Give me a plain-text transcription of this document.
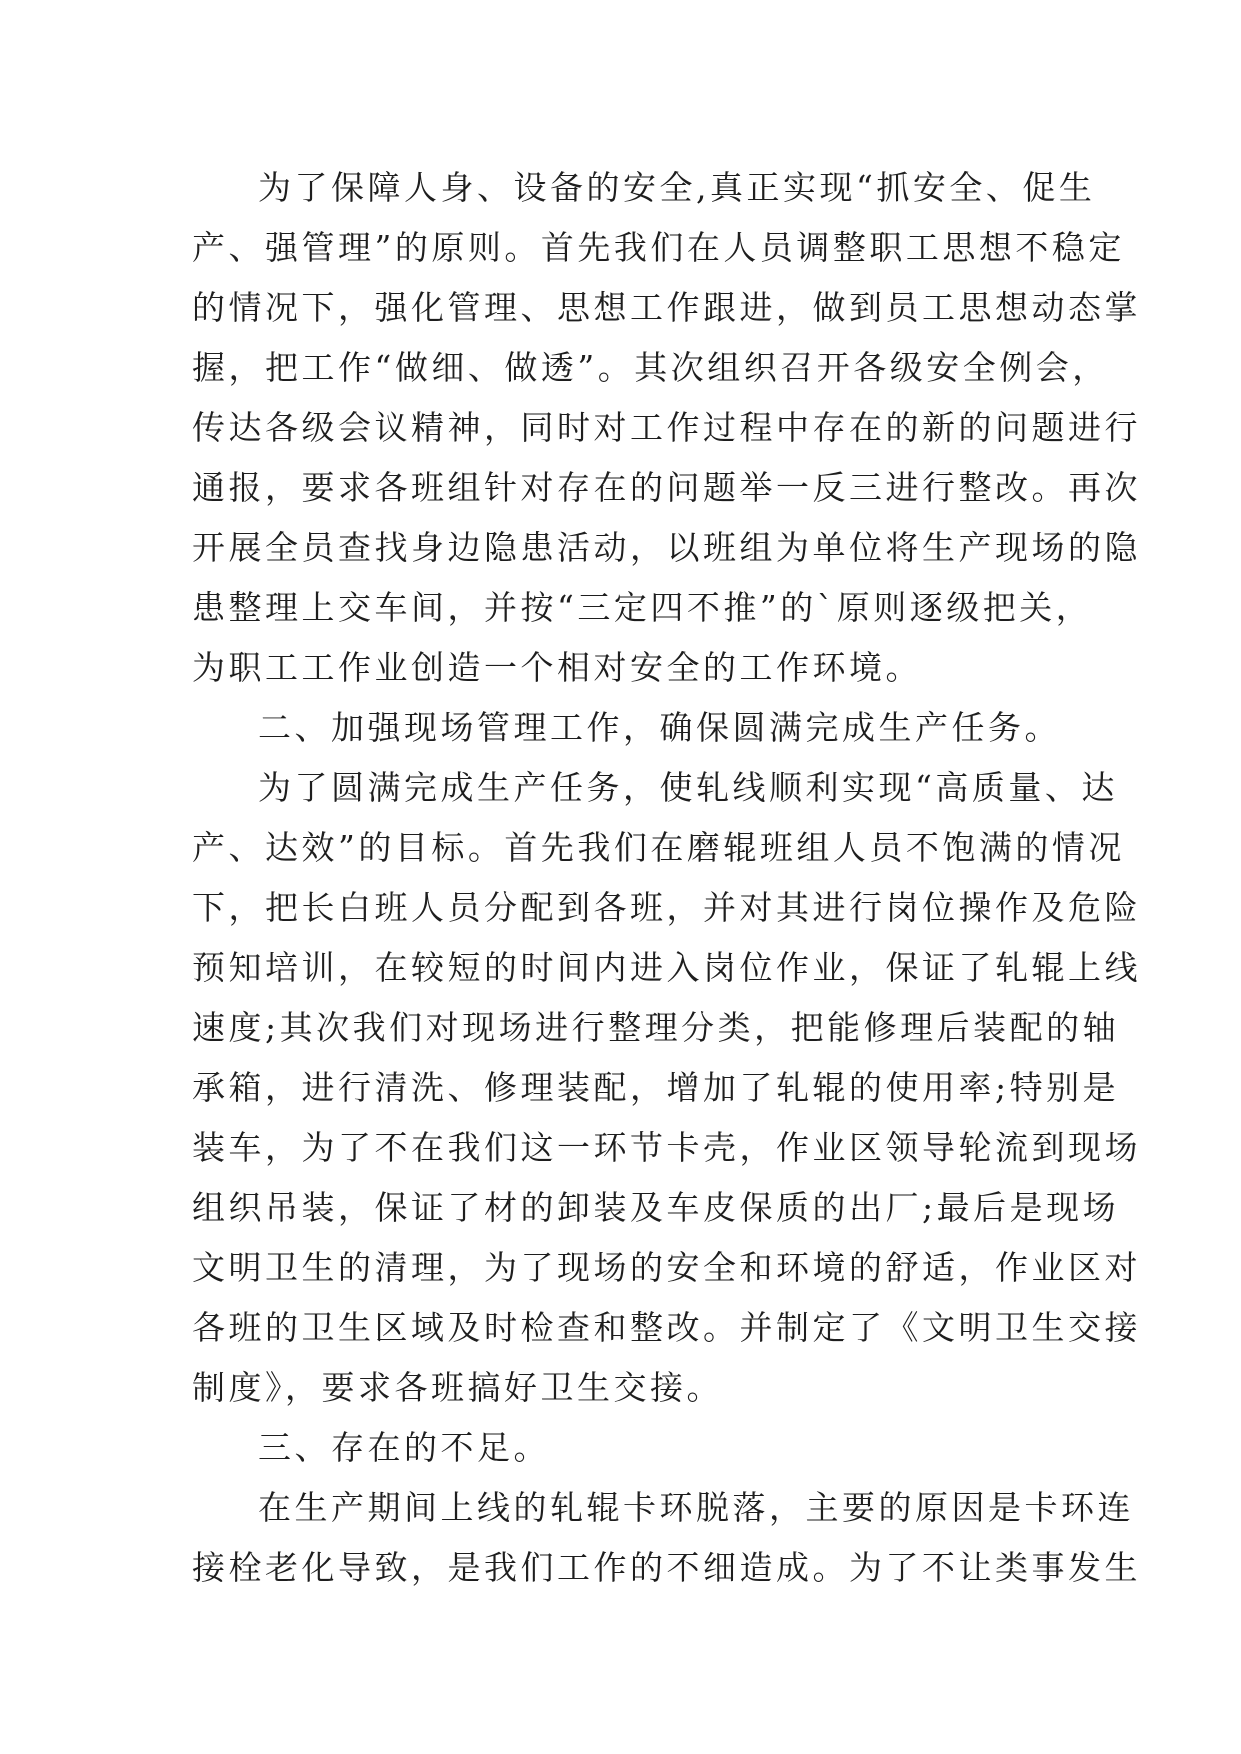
为了保障人身、设备的安全,真正实现“抓安全、促生
产、强管理”的原则。首先我们在人员调整职工思想不稳定
的情况下，强化管理、思想工作跟进，做到员工思想动态掌
握，把工作“做细、做透”。其次组织召开各级安全例会，
传达各级会议精神，同时对工作过程中存在的新的问题进行
通报，要求各班组针对存在的问题举一反三进行整改。再次
开展全员查找身边隐患活动，以班组为单位将生产现场的隐
患整理上交车间，并按“三定四不推”的`原则逐级把关，
为职工工作业创造一个相对安全的工作环境。
二、加强现场管理工作，确保圆满完成生产任务。
为了圆满完成生产任务，使轧线顺利实现“高质量、达
产、达效”的目标。首先我们在磨辊班组人员不饱满的情况
下，把长白班人员分配到各班，并对其进行岗位操作及危险
预知培训，在较短的时间内进入岗位作业，保证了轧辊上线
速度;其次我们对现场进行整理分类，把能修理后装配的轴
承箱，进行清洗、修理装配，增加了轧辊的使用率;特别是
装车，为了不在我们这一环节卡壳，作业区领导轮流到现场
组织吊装，保证了材的卸装及车皮保质的出厂;最后是现场
文明卫生的清理，为了现场的安全和环境的舒适，作业区对
各班的卫生区域及时检查和整改。并制定了《文明卫生交接
制度》，要求各班搞好卫生交接。
三、存在的不足。
在生产期间上线的轧辊卡环脱落，主要的原因是卡环连
接栓老化导致，是我们工作的不细造成。为了不让类事发生
